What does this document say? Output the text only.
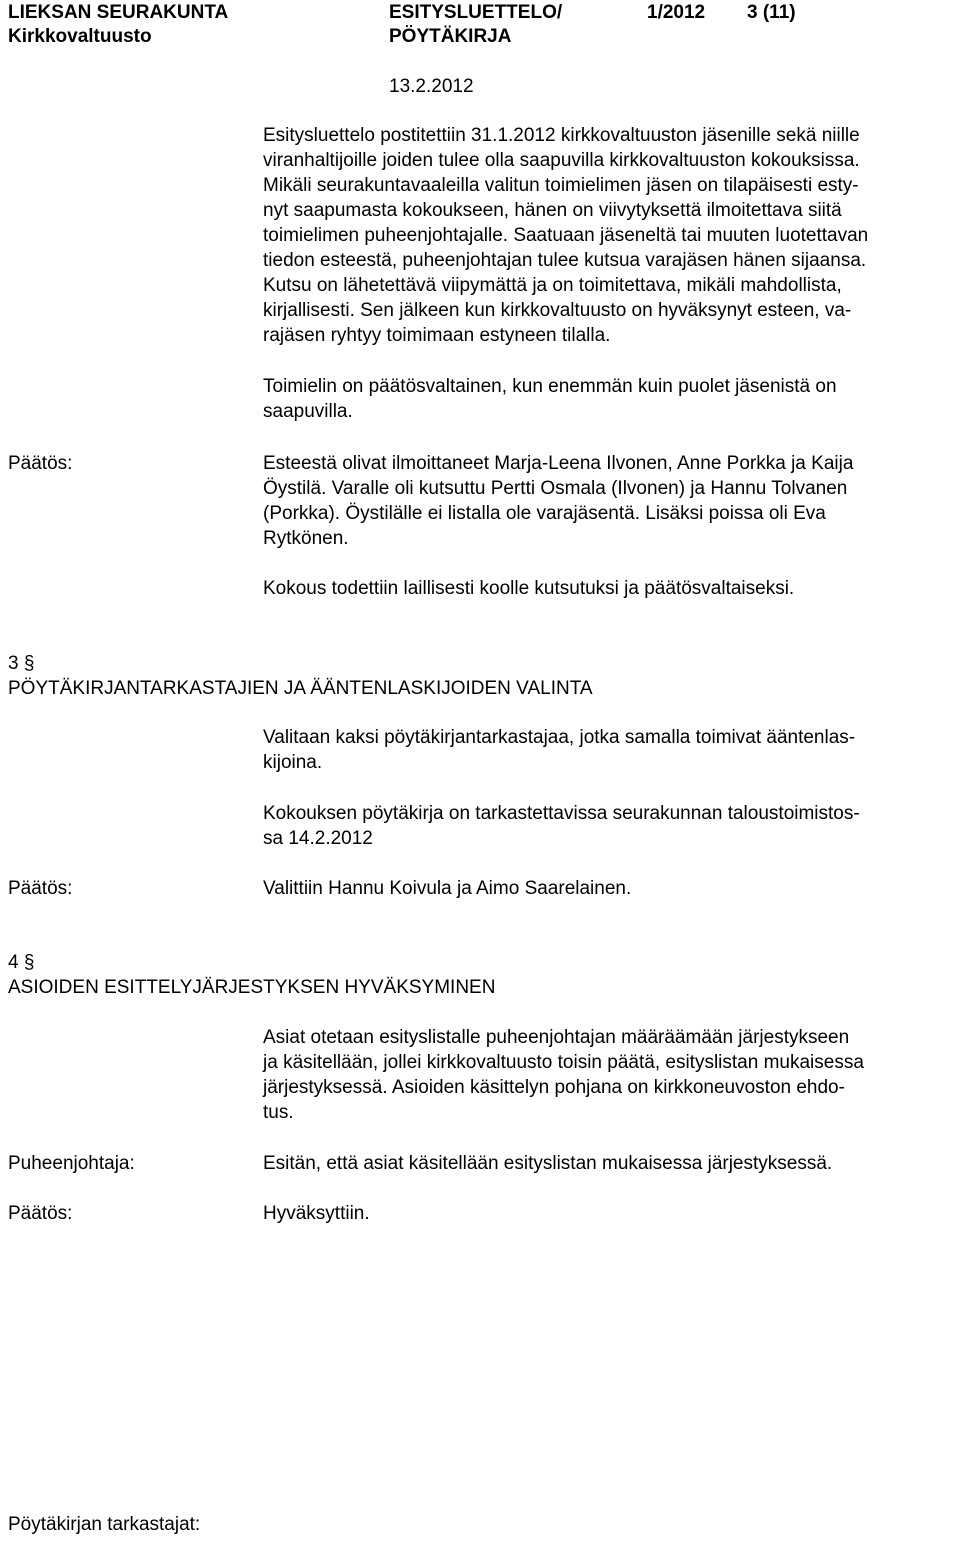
LIEKSAN SEURAKUNTA
Kirkkovaltuusto
ESITYSLUETTELO/
PÖYTÄKIRJA
1/2012 3 (11)
13.2.2012
Esitysluettelo postitettiin 31.1.2012 kirkkovaltuuston jäsenille sekä niille
viranhaltijoille joiden tulee olla saapuvilla kirkkovaltuuston kokouksissa.
Mikäli seurakuntavaaleilla valitun toimielimen jäsen on tilapäisesti esty-
nyt saapumasta kokoukseen, hänen on viivytyksettä ilmoitettava siitä
toimielimen puheenjohtajalle. Saatuaan jäseneltä tai muuten luotettavan
tiedon esteestä, puheenjohtajan tulee kutsua varajäsen hänen sijaansa.
Kutsu on lähetettävä viipymättä ja on toimitettava, mikäli mahdollista,
kirjallisesti. Sen jälkeen kun kirkkovaltuusto on hyväksynyt esteen, va-
rajäsen ryhtyy toimimaan estyneen tilalla.
Toimielin on päätösvaltainen, kun enemmän kuin puolet jäsenistä on
saapuvilla.
Päätös:	Esteestä olivat ilmoittaneet Marja-Leena Ilvonen, Anne Porkka ja Kaija
Öystilä. Varalle oli kutsuttu Pertti Osmala (Ilvonen) ja Hannu Tolvanen
(Porkka). Öystilälle ei listalla ole varajäsentä. Lisäksi poissa oli Eva
Rytkönen.
Kokous todettiin laillisesti koolle kutsutuksi ja päätösvaltaiseksi.
3 §
PÖYTÄKIRJANTARKASTAJIEN JA ÄÄNTENLASKIJOIDEN VALINTA
Valitaan kaksi pöytäkirjantarkastajaa, jotka samalla toimivat ääntenlas-
kijoina.
Kokouksen pöytäkirja on tarkastettavissa seurakunnan taloustoimistos-
sa 14.2.2012
Päätös:	Valittiin Hannu Koivula ja Aimo Saarelainen.
4 §
ASIOIDEN ESITTELYJÄRJESTYKSEN HYVÄKSYMINEN
Asiat otetaan esityslistalle puheenjohtajan määräämään järjestykseen
ja käsitellään, jollei kirkkovaltuusto toisin päätä, esityslistan mukaisessa
järjestyksessä. Asioiden käsittelyn pohjana on kirkkoneuvoston ehdo-
tus.
Puheenjohtaja:	Esitän, että asiat käsitellään esityslistan mukaisessa järjestyksessä.
Päätös:	Hyväksyttiin.
Pöytäkirjan tarkastajat:
